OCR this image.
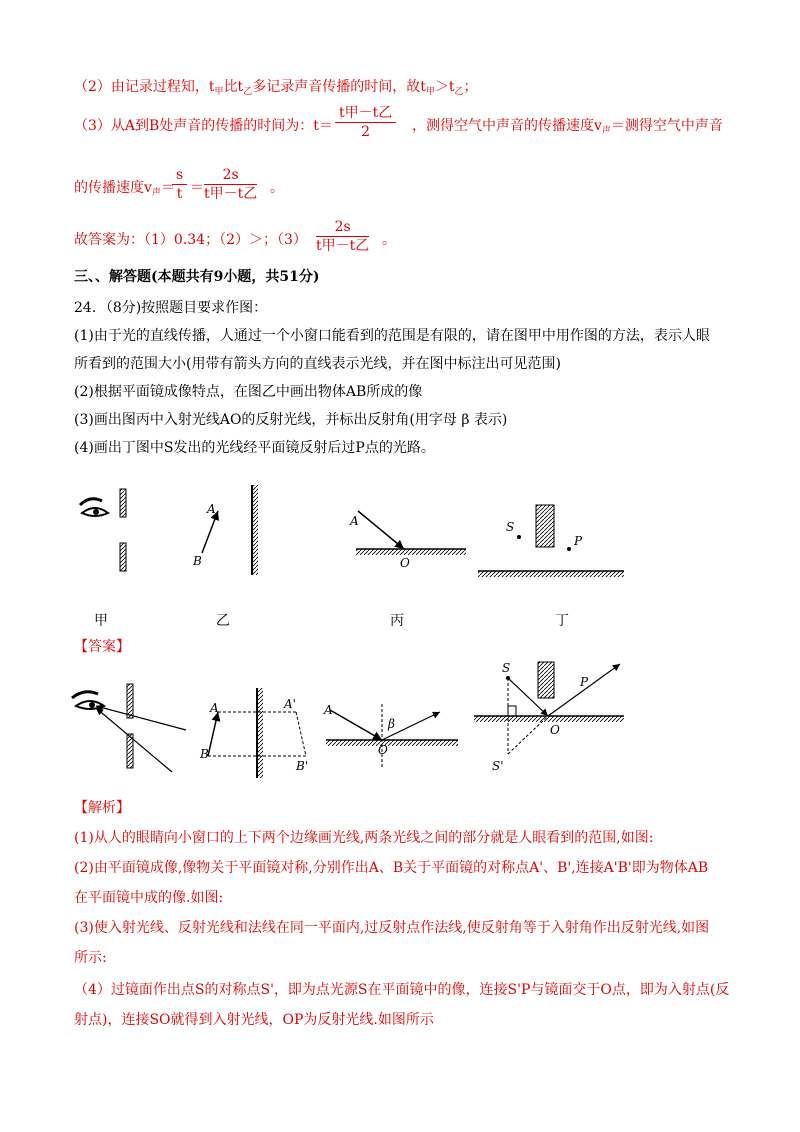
（2）由记录过程知，$t_甲$比$t_乙$多记录声音传播的时间，故$t_甲>t_乙$；
（3）从A到B处声音的传播的时间为：t＝
t甲－t乙
2	，测得空气中声音的传播速度$v_声=$测得空气中声音
的传播速度$v_声=$
$\frac{s}{t}$ ＝
2s
t甲－t乙 。
故答案为：（1）0.34；（2）＞；（3）
2s
t甲－t乙 。
三、、解答题(本题共有9小题，共51分)
24．（8分)按照题目要求作图：
(1)由于光的直线传播，人通过一个小窗口能看到的范围是有限的，请在图甲中用作图的方法，表示人眼
所看到的范围大小(用带有箭头方向的直线表示光线，并在图中标注出可见范围)
(2)根据平面镜成像特点，在图乙中画出物体AB所成的像
(3)画出图丙中入射光线AO的反射光线，并标出反射角(用字母 β 表示)
(4)画出丁图中S发出的光线经平面镜反射后过P点的光路。
A
B
A
O
S
P
甲	乙	丙	丁
【答案】
A
B
A'
B'
A
β
O
S
P
O
S'
【解析】
(1)从人的眼睛向小窗口的上下两个边缘画光线,两条光线之间的部分就是人眼看到的范围,如图:
(2)由平面镜成像,像物关于平面镜对称,分别作出A、B关于平面镜的对称点A'、B',连接A'B'即为物体AB
在平面镜中成的像.如图:
(3)使入射光线、反射光线和法线在同一平面内,过反射点作法线,使反射角等于入射角作出反射光线,如图
所示:
（4）过镜面作出点S的对称点S'，即为点光源S在平面镜中的像，连接S'P与镜面交于O点，即为入射点(反
射点)，连接SO就得到入射光线，OP为反射光线.如图所示
